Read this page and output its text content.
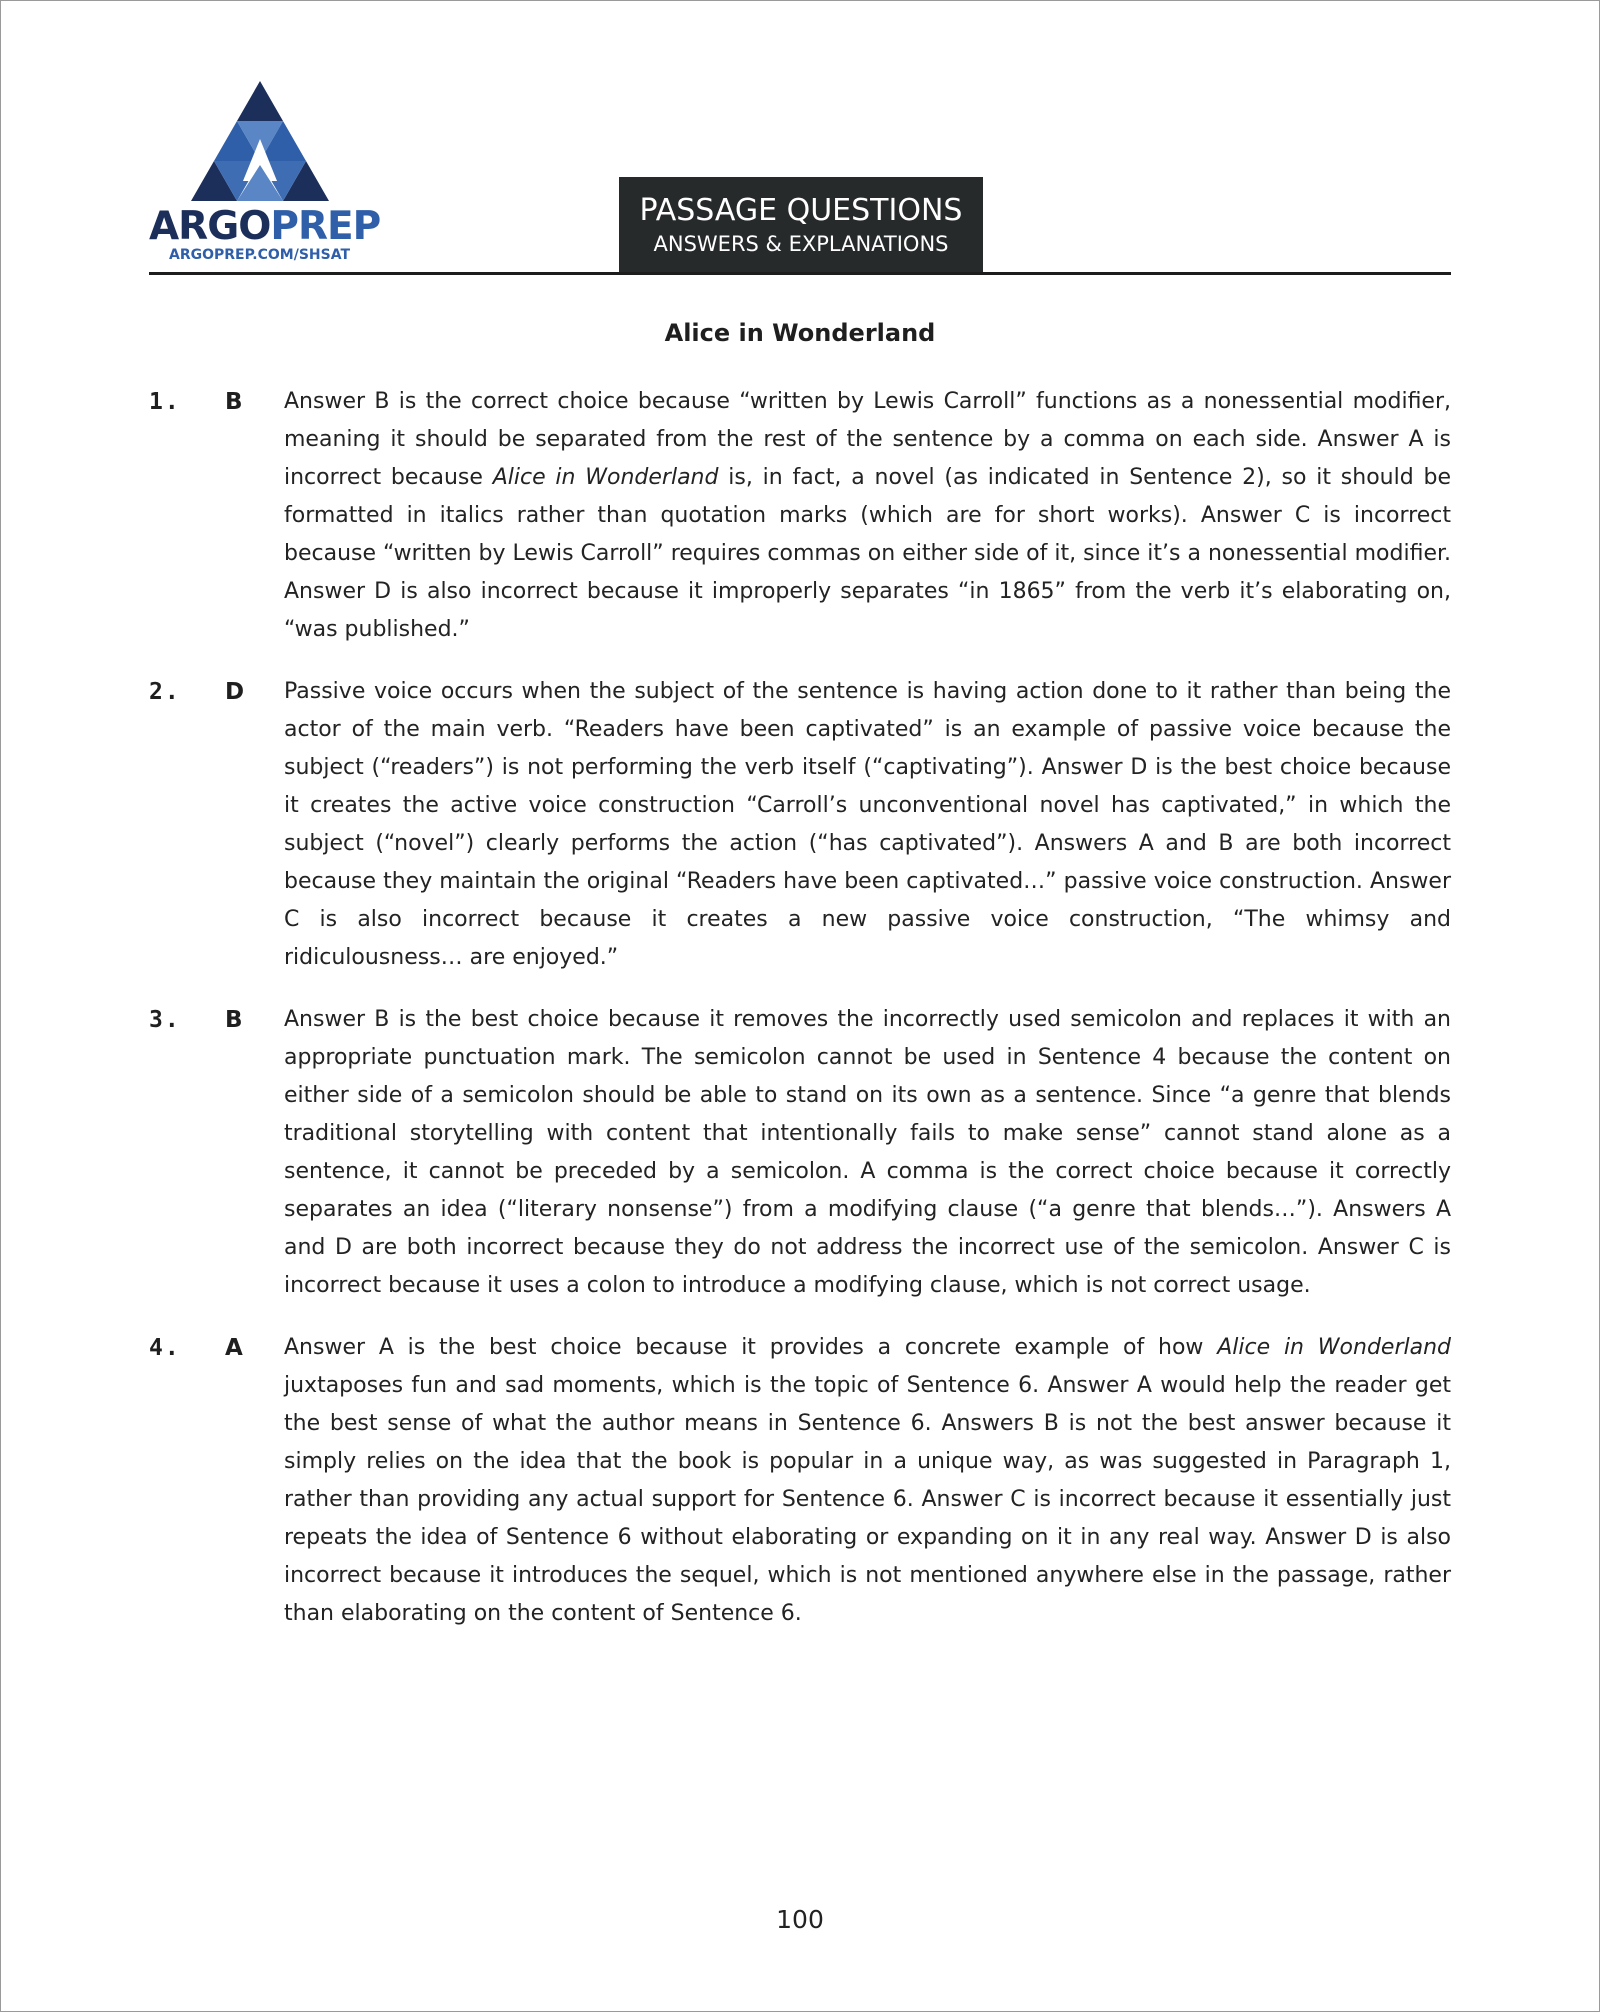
ARGOPREP
ARGOPREP.COM/SHSAT
PASSAGE QUESTIONS
ANSWERS & EXPLANATIONS
Alice in Wonderland
1. B Answer B is the correct choice because “written by Lewis Carroll” functions as a nonessential modifier, meaning it should be separated from the rest of the sentence by a comma on each side. Answer A is incorrect because Alice in Wonderland is, in fact, a novel (as indicated in Sentence 2), so it should be formatted in italics rather than quotation marks (which are for short works). Answer C is incorrect because “written by Lewis Carroll” requires commas on either side of it, since it’s a nonessential modifier. Answer D is also incorrect because it improperly separates “in 1865” from the verb it’s elaborating on, “was published.”
2. D Passive voice occurs when the subject of the sentence is having action done to it rather than being the actor of the main verb. “Readers have been captivated” is an example of passive voice because the subject (“readers”) is not performing the verb itself (“captivating”). Answer D is the best choice because it creates the active voice construction “Carroll’s unconventional novel has captivated,” in which the subject (“novel”) clearly performs the action (“has captivated”). Answers A and B are both incorrect because they maintain the original “Readers have been captivated…” passive voice construction. Answer C is also incorrect because it creates a new passive voice construction, “The whimsy and ridiculousness… are enjoyed.”
3. B Answer B is the best choice because it removes the incorrectly used semicolon and replaces it with an appropriate punctuation mark. The semicolon cannot be used in Sentence 4 because the content on either side of a semicolon should be able to stand on its own as a sentence. Since “a genre that blends traditional storytelling with content that intentionally fails to make sense” cannot stand alone as a sentence, it cannot be preceded by a semicolon. A comma is the correct choice because it correctly separates an idea (“literary nonsense”) from a modifying clause (“a genre that blends…”). Answers A and D are both incorrect because they do not address the incorrect use of the semicolon. Answer C is incorrect because it uses a colon to introduce a modifying clause, which is not correct usage.
4. A Answer A is the best choice because it provides a concrete example of how Alice in Wonderland juxtaposes fun and sad moments, which is the topic of Sentence 6. Answer A would help the reader get the best sense of what the author means in Sentence 6. Answers B is not the best answer because it simply relies on the idea that the book is popular in a unique way, as was suggested in Paragraph 1, rather than providing any actual support for Sentence 6. Answer C is incorrect because it essentially just repeats the idea of Sentence 6 without elaborating or expanding on it in any real way. Answer D is also incorrect because it introduces the sequel, which is not mentioned anywhere else in the passage, rather than elaborating on the content of Sentence 6.
100
